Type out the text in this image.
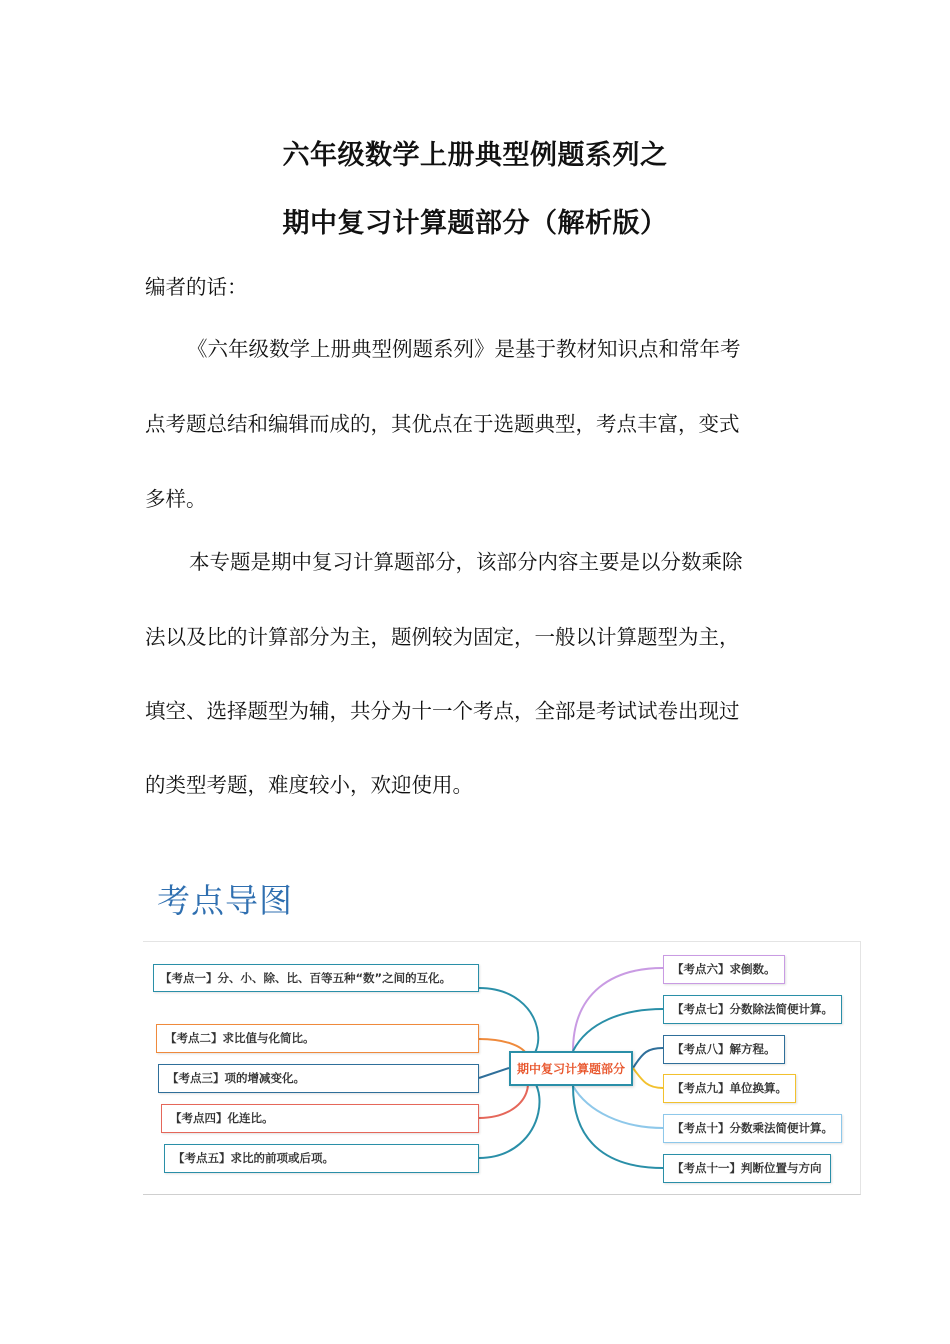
六年级数学上册典型例题系列之
期中复习计算题部分（解析版）
编者的话：
《六年级数学上册典型例题系列》是基于教材知识点和常年考
点考题总结和编辑而成的，其优点在于选题典型，考点丰富，变式
多样。
本专题是期中复习计算题部分，该部分内容主要是以分数乘除
法以及比的计算部分为主，题例较为固定，一般以计算题型为主，
填空、选择题型为辅，共分为十一个考点，全部是考试试卷出现过
的类型考题，难度较小，欢迎使用。
考点导图
期中复习计算题部分
【考点一】分、小、除、比、百等五种“数”之间的互化。
【考点二】求比值与化简比。
【考点三】项的增减变化。
【考点四】化连比。
【考点五】求比的前项或后项。
【考点六】求倒数。
【考点七】分数除法简便计算。
【考点八】解方程。
【考点九】单位换算。
【考点十】分数乘法简便计算。
【考点十一】判断位置与方向
